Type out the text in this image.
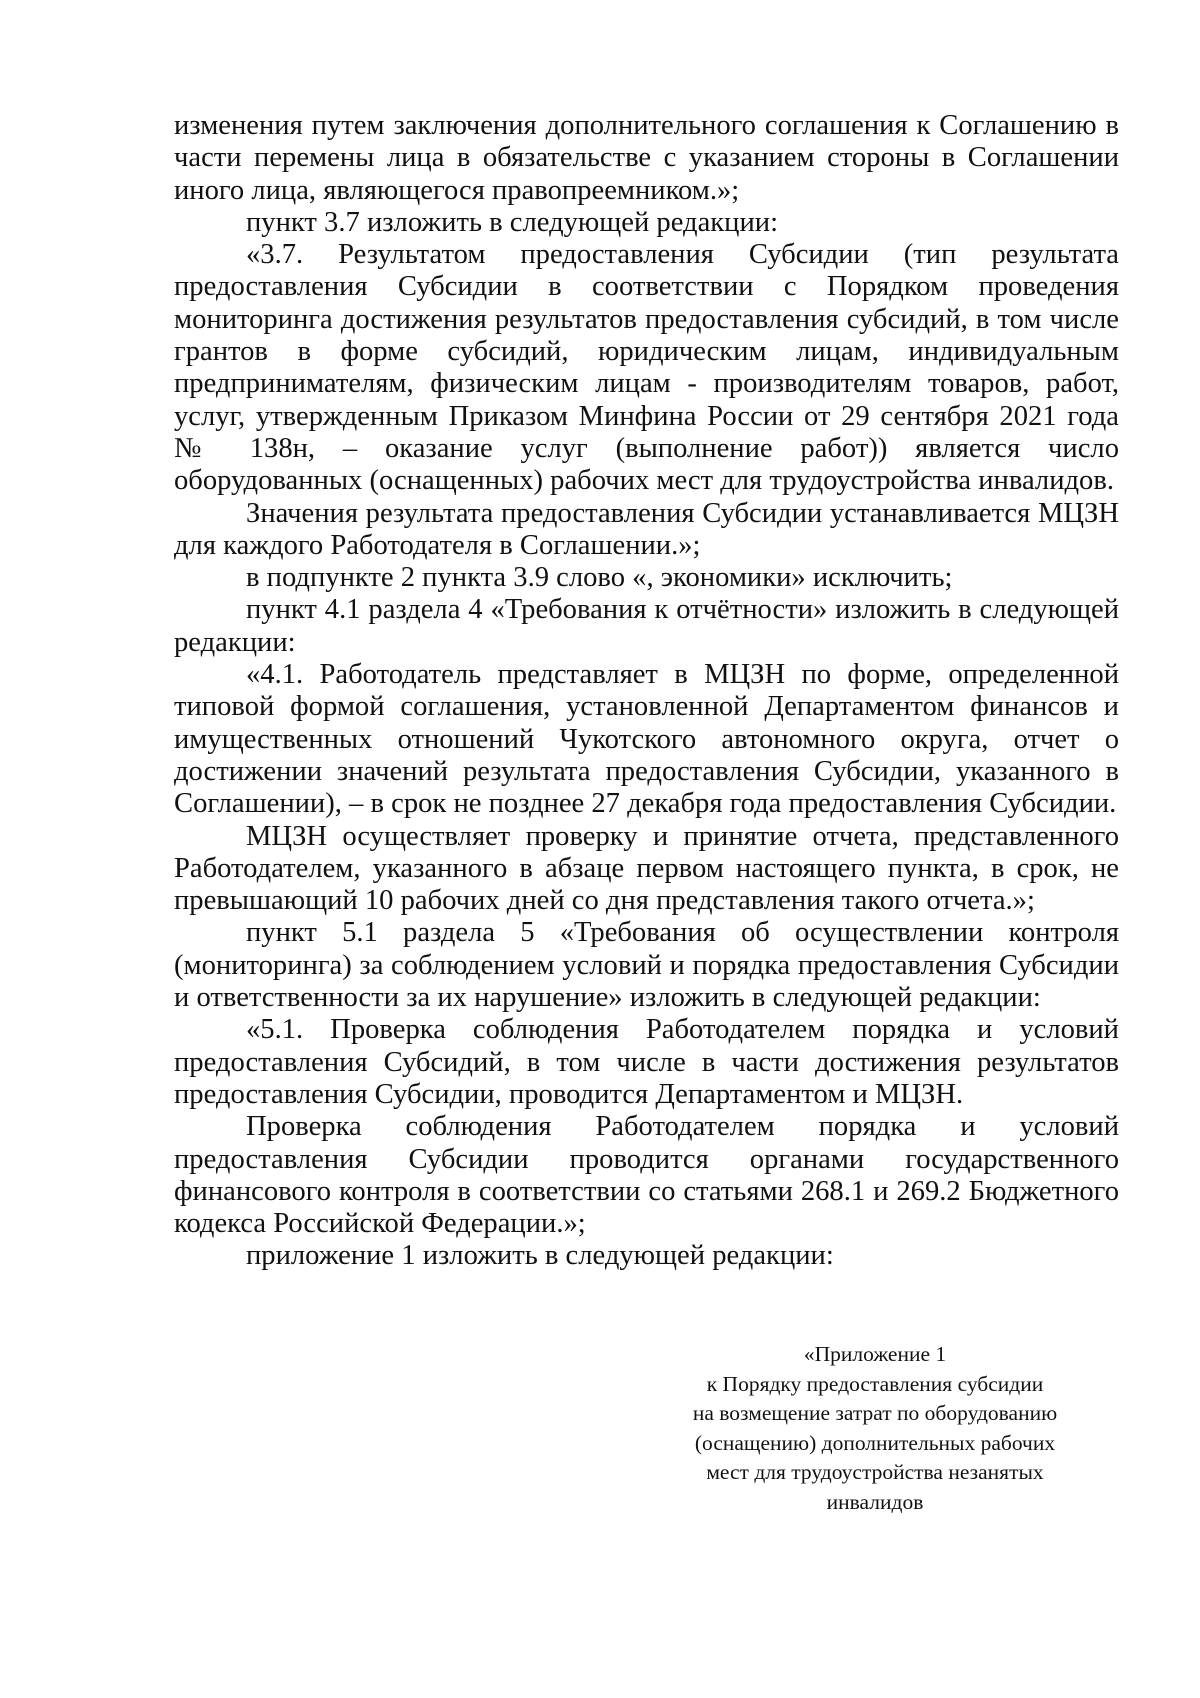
изменения путем заключения дополнительного соглашения к Соглашению в части перемены лица в обязательстве с указанием стороны в Соглашении иного лица, являющегося правопреемником.»;

пункт 3.7 изложить в следующей редакции:

«3.7. Результатом предоставления Субсидии (тип результата предоставления Субсидии в соответствии с Порядком проведения мониторинга достижения результатов предоставления субсидий, в том числе грантов в форме субсидий, юридическим лицам, индивидуальным предпринимателям, физическим лицам - производителям товаров, работ, услуг, утвержденным Приказом Минфина России от 29 сентября 2021 года № 138н, – оказание услуг (выполнение работ)) является число оборудованных (оснащенных) рабочих мест для трудоустройства инвалидов.

Значения результата предоставления Субсидии устанавливается МЦЗН для каждого Работодателя в Соглашении.»;

в подпункте 2 пункта 3.9 слово «, экономики» исключить;

пункт 4.1 раздела 4 «Требования к отчётности» изложить в следующей редакции:

«4.1. Работодатель представляет в МЦЗН по форме, определенной типовой формой соглашения, установленной Департаментом финансов и имущественных отношений Чукотского автономного округа, отчет о достижении значений результата предоставления Субсидии, указанного в Соглашении), – в срок не позднее 27 декабря года предоставления Субсидии.

МЦЗН осуществляет проверку и принятие отчета, представленного Работодателем, указанного в абзаце первом настоящего пункта, в срок, не превышающий 10 рабочих дней со дня представления такого отчета.»;

пункт 5.1 раздела 5 «Требования об осуществлении контроля (мониторинга) за соблюдением условий и порядка предоставления Субсидии и ответственности за их нарушение» изложить в следующей редакции:

«5.1. Проверка соблюдения Работодателем порядка и условий предоставления Субсидий, в том числе в части достижения результатов предоставления Субсидии, проводится Департаментом и МЦЗН.

Проверка соблюдения Работодателем порядка и условий предоставления Субсидии проводится органами государственного финансового контроля в соответствии со статьями 268.1 и 269.2 Бюджетного кодекса Российской Федерации.»;

приложение 1 изложить в следующей редакции:

«Приложение 1

к Порядку предоставления субсидии

на возмещение затрат по оборудованию

(оснащению) дополнительных рабочих

мест для трудоустройства незанятых

инвалидов
